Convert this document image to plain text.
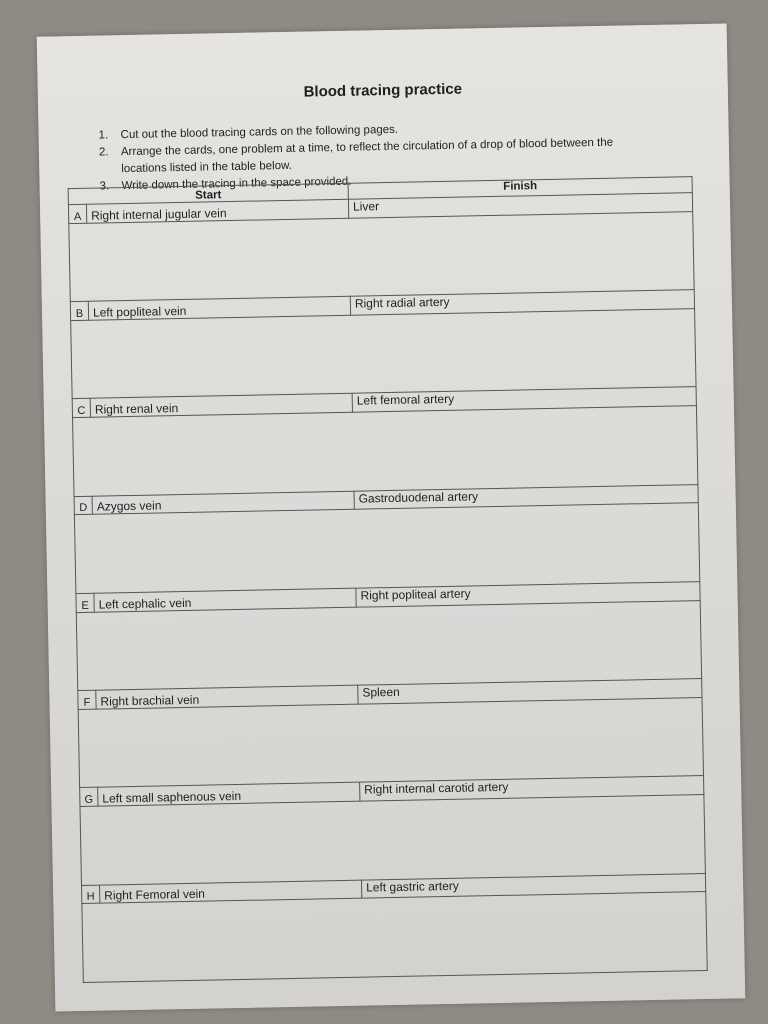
Blood tracing practice
1.	Cut out the blood tracing cards on the following pages.
2.	Arrange the cards, one problem at a time, to reflect the circulation of a drop of blood between the locations listed in the table below.
3.	Write down the tracing in the space provided.
Start		Finish
A	Right internal jugular vein	Liver

B	Left popliteal vein	Right radial artery

C	Right renal vein	Left femoral artery

D	Azygos vein	Gastroduodenal artery

E	Left cephalic vein	Right popliteal artery

F	Right brachial vein	Spleen

G	Left small saphenous vein	Right internal carotid artery

H	Right Femoral vein	Left gastric artery
